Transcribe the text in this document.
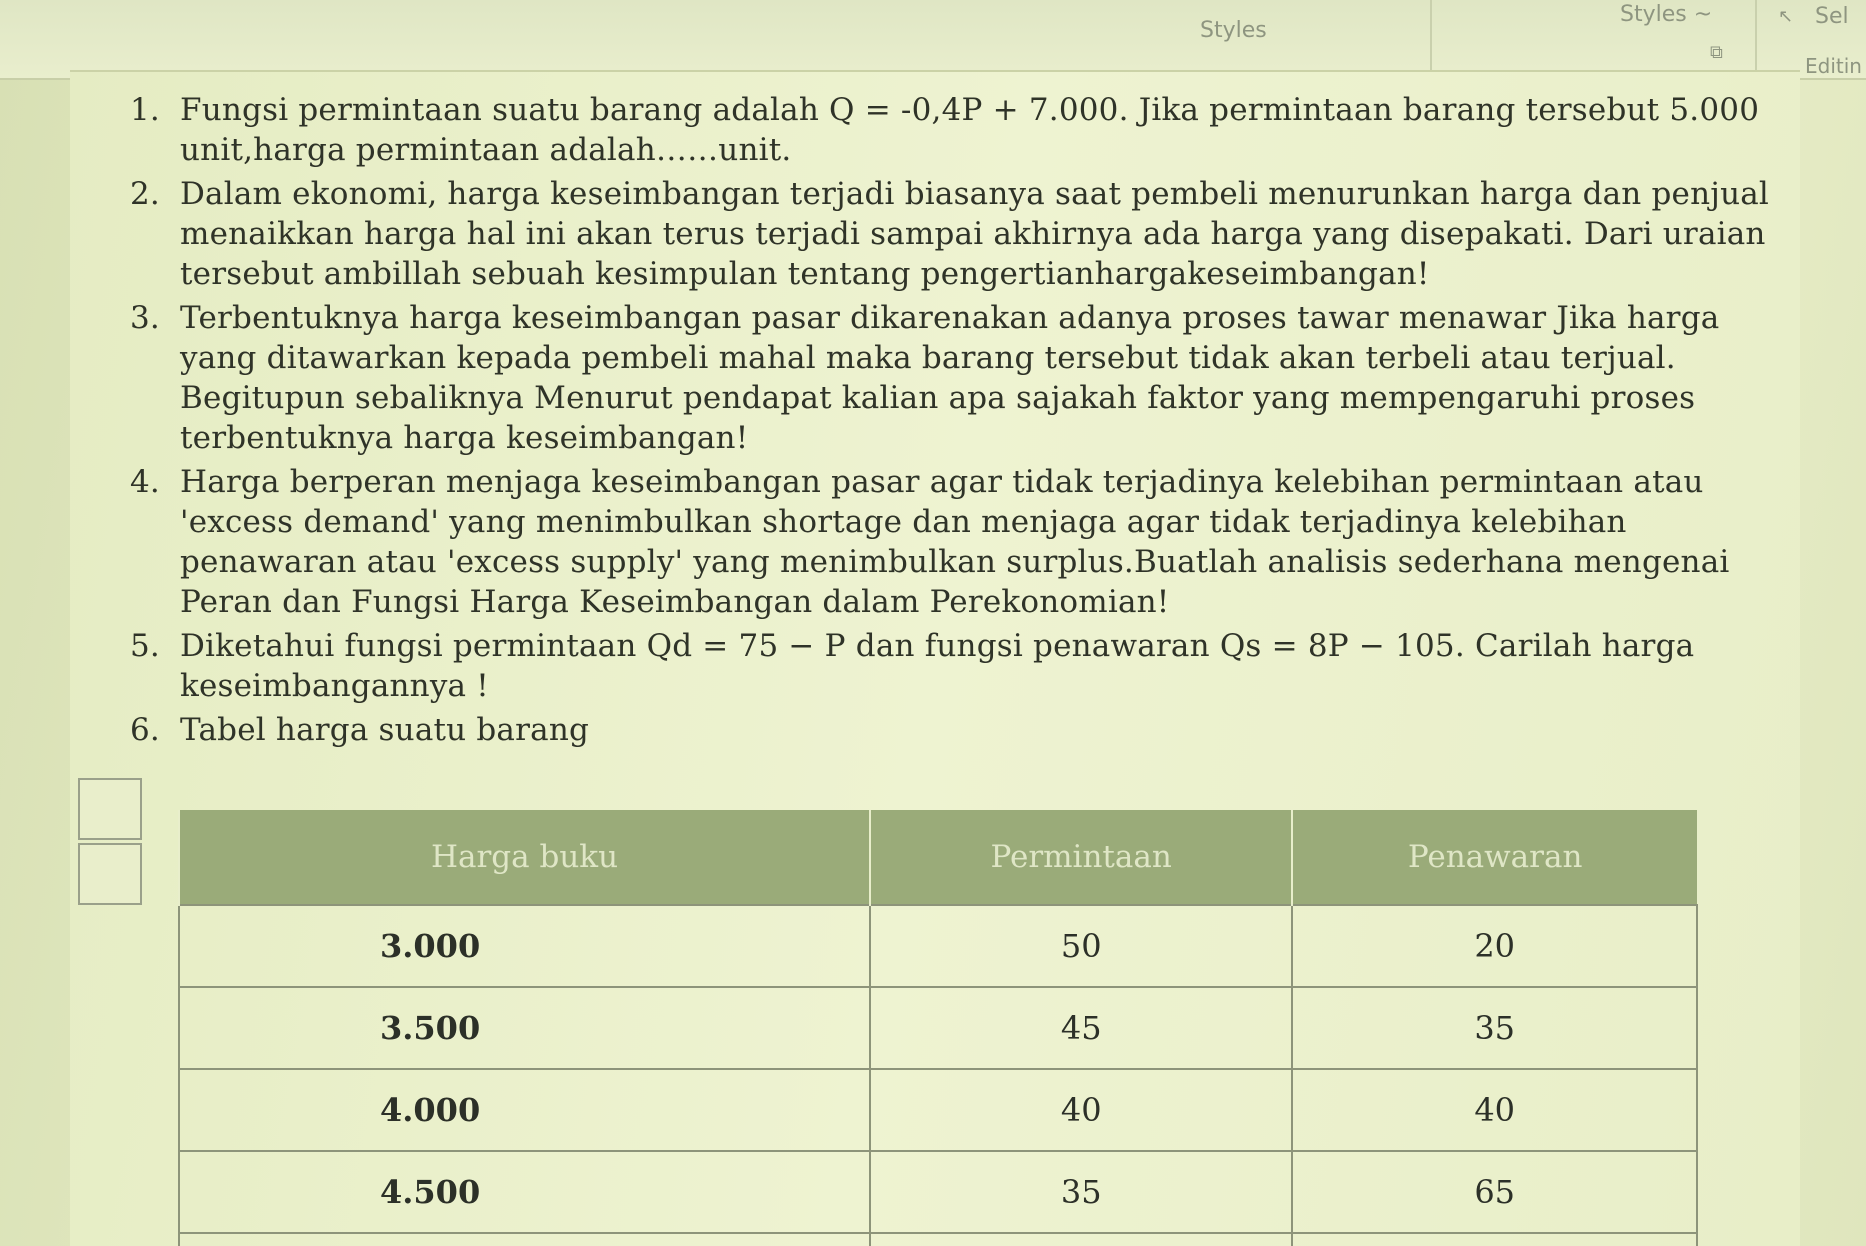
Styles
Styles ~
⧉
↖ Sel
Editin
1. Fungsi permintaan suatu barang adalah Q = -0,4P + 7.000. Jika permintaan barang tersebut 5.000 unit,harga permintaan adalah……unit.
2. Dalam ekonomi, harga keseimbangan terjadi biasanya saat pembeli menurunkan harga dan penjual menaikkan harga hal ini akan terus terjadi sampai akhirnya ada harga yang disepakati. Dari uraian tersebut ambillah sebuah kesimpulan tentang pengertianhargakeseimbangan!
3. Terbentuknya harga keseimbangan pasar dikarenakan adanya proses tawar menawar Jika harga yang ditawarkan kepada pembeli mahal maka barang tersebut tidak akan terbeli atau terjual. Begitupun sebaliknya Menurut pendapat kalian apa sajakah faktor yang mempengaruhi proses terbentuknya harga keseimbangan!
4. Harga berperan menjaga keseimbangan pasar agar tidak terjadinya kelebihan permintaan atau 'excess demand' yang menimbulkan shortage dan menjaga agar tidak terjadinya kelebihan penawaran atau 'excess supply' yang menimbulkan surplus.Buatlah analisis sederhana mengenai Peran dan Fungsi Harga Keseimbangan dalam Perekonomian!
5. Diketahui fungsi permintaan Qd = 75 − P dan fungsi penawaran Qs = 8P − 105. Carilah harga keseimbangannya !
6. Tabel harga suatu barang
Harga buku	Permintaan	Penawaran
3.000	50	20
3.500	45	35
4.000	40	40
4.500	35	65
